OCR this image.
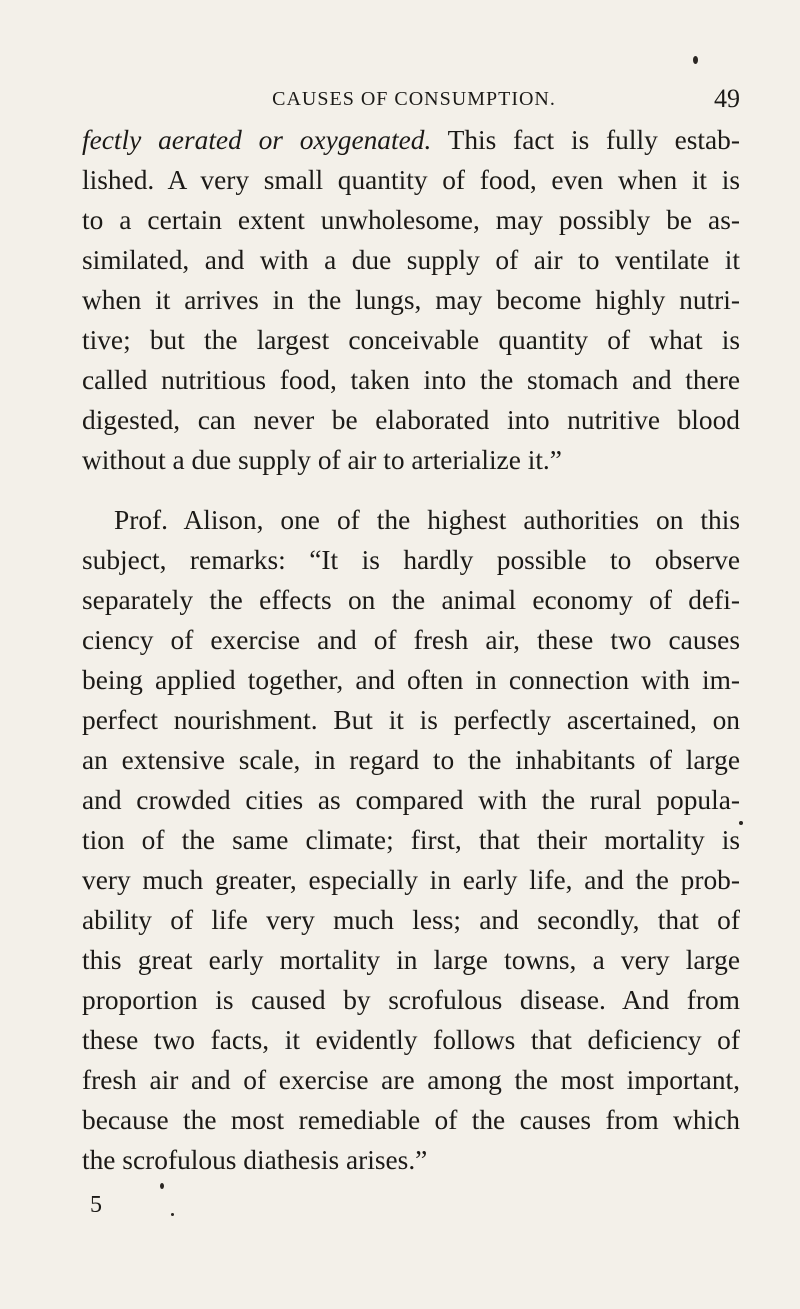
CAUSES OF CONSUMPTION.	49
fectly aerated or oxygenated. This fact is fully estab-
lished. A very small quantity of food, even when it is
to a certain extent unwholesome, may possibly be as-
similated, and with a due supply of air to ventilate it
when it arrives in the lungs, may become highly nutri-
tive; but the largest conceivable quantity of what is
called nutritious food, taken into the stomach and there
digested, can never be elaborated into nutritive blood
without a due supply of air to arterialize it.”
Prof. Alison, one of the highest authorities on this
subject, remarks: “It is hardly possible to observe
separately the effects on the animal economy of defi-
ciency of exercise and of fresh air, these two causes
being applied together, and often in connection with im-
perfect nourishment. But it is perfectly ascertained, on
an extensive scale, in regard to the inhabitants of large
and crowded cities as compared with the rural popula-
tion of the same climate; first, that their mortality is
very much greater, especially in early life, and the prob-
ability of life very much less; and secondly, that of
this great early mortality in large towns, a very large
proportion is caused by scrofulous disease. And from
these two facts, it evidently follows that deficiency of
fresh air and of exercise are among the most important,
because the most remediable of the causes from which
the scrofulous diathesis arises.”
5
